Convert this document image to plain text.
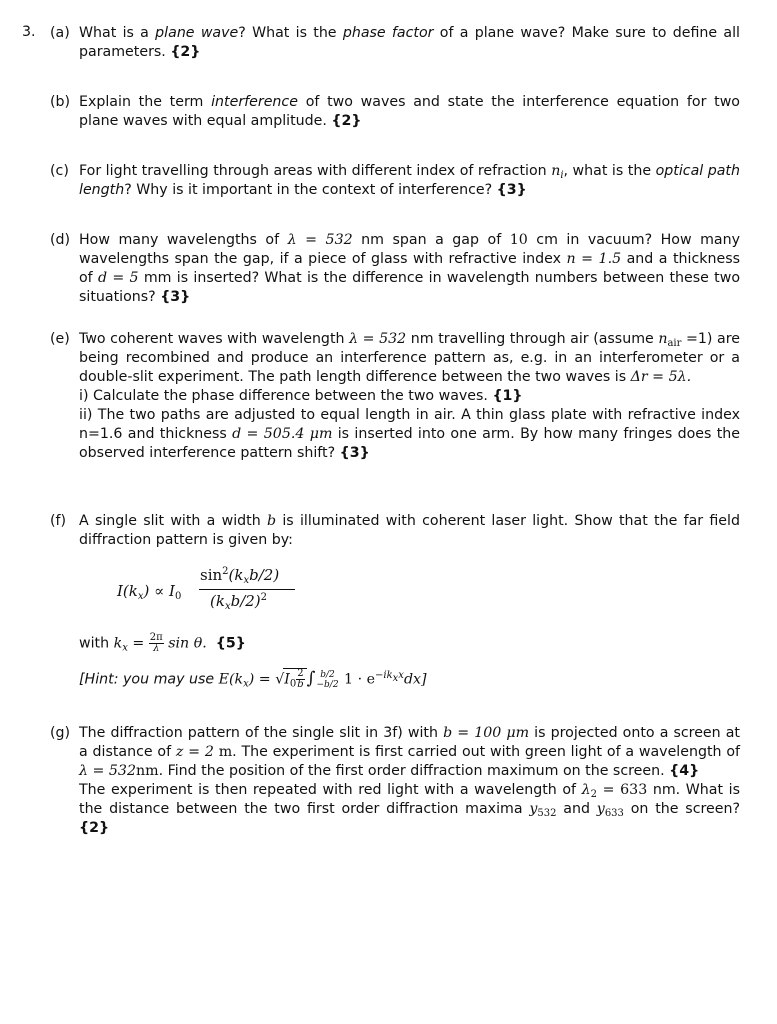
3. (a) What is a plane wave? What is the phase factor of a plane wave? Make sure to define all parameters. {2}
(b) Explain the term interference of two waves and state the interference equation for two plane waves with equal amplitude. {2}
(c) For light travelling through areas with different index of refraction $n_i$, what is the optical path length? Why is it important in the context of interference? {3}
(d) How many wavelengths of λ = 532 nm span a gap of 10 cm in vacuum? How many wavelengths span the gap, if a piece of glass with refractive index n = 1.5 and a thickness of d = 5 mm is inserted? What is the difference in wavelength numbers between these two situations? {3}
(e) Two coherent waves with wavelength λ = 532 nm travelling through air (assume $n_{air} =1$) are being recombined and produce an interference pattern as, e.g. in an interferometer or a double-slit experiment. The path length difference between the two waves is Δr = 5λ.
i) Calculate the phase difference between the two waves. {1}
ii) The two paths are adjusted to equal length in air. A thin glass plate with refractive index n=1.6 and thickness d = 505.4 μm is inserted into one arm. By how many fringes does the observed interference pattern shift? {3}
(f) A single slit with a width b is illuminated with coherent laser light. Show that the far field diffraction pattern is given by:
$I(k_x) \propto I_0$
$\sin^2(k_xb/2)$
$(k_xb/2)^2$
with $k_x = \frac{2\pi}{\lambda}$ sin θ. {5}
[Hint: you may use $E(k_x) = √I_0 \frac{2}{b}$ ∫ b/2
−b/2 $1 \cdot e^{-ik_xx}dx$]
(g) The diffraction pattern of the single slit in 3f) with b = 100 μm is projected onto a screen at a distance of z = 2 m. The experiment is first carried out with green light of a wavelength of λ = 532nm. Find the position of the first order diffraction maximum on the screen. {4}
The experiment is then repeated with red light with a wavelength of $\lambda_2 = 633$ nm. What is the distance between the two first order diffraction maxima $y_{532}$ and $y_{633}$ on the screen? {2}
